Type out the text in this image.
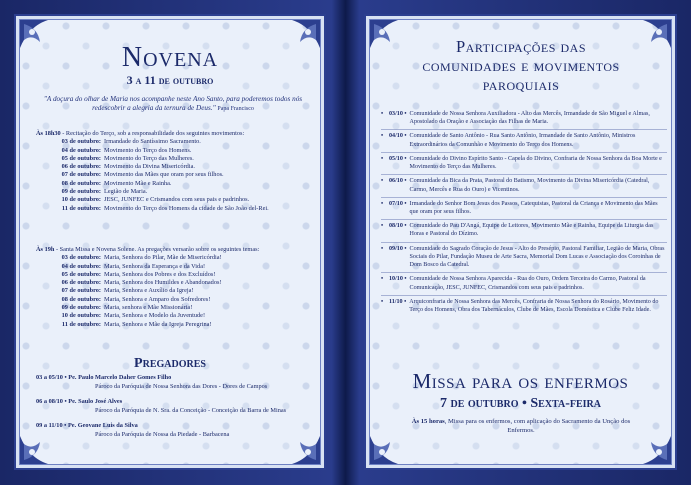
Novena
3 a 11 de outubro
"A doçura do olhar de Maria nos acompanhe neste Ano Santo, para poderemos todos nós redescobrir a alegria da ternura de Deus." Papa Francisco
Às 18h30 - Recitação do Terço, sob a responsabilidade dos seguintes movimentos:
03 de outubro: Irmandade do Santíssimo Sacramento.
04 de outubro: Movimento do Terço dos Homens.
05 de outubro: Movimento do Terço das Mulheres.
06 de outubro: Movimento da Divina Misericórdia.
07 de outubro: Movimento das Mães que oram por seus filhos.
08 de outubro: Movimento Mãe e Rainha.
09 de outubro: Legião de Maria.
10 de outubro: JESC, JUNFEC e Crismandos com seus pais e padrinhos.
11 de outubro: Movimento do Terço dos Homens da cidade de São João del-Rei.
Às 19h - Santa Missa e Novena Solene. As pregações versarão sobre os seguintes temas:
03 de outubro: Maria, Senhora do Pilar, Mãe de Misericórdia!
04 de outubro: Maria, Senhora da Esperança e da Vida!
05 de outubro: Maria, Senhora dos Pobres e dos Excluídos!
06 de outubro: Maria, Senhora dos Humildes e Abandonados!
07 de outubro: Maria, Senhora e Auxílio da Igreja!
08 de outubro: Maria, Senhora e Amparo dos Sofredores!
09 de outubro: Maria, senhora e Mãe Missionária!
10 de outubro: Maria, Senhora e Modelo da Juventude!
11 de outubro: Maria, Senhora e Mãe da Igreja Peregrina!
Pregadores
03 a 05/10 • Pe. Paulo Marcelo Daher Gomes Filho
Pároco da Paróquia de Nossa Senhora das Dores - Dores de Campos
06 a 08/10 • Pe. Saulo José Alves
Pároco da Paróquia de N. Sra. da Conceição - Conceição da Barra de Minas
09 a 11/10 • Pe. Geovane Luis da Silva
Pároco da Paróquia de Nossa da Piedade - Barbacena
Participações das
comunidades e movimentos
paroquiais
• 03/10 • Comunidade de Nossa Senhora Auxiliadora - Alto das Mercês, Irmandade de São Miguel e Almas, Apostolado da Oração e Associação das Filhas de Maria.
• 04/10 • Comunidade de Santo Antônio - Rua Santo Antônio, Irmandade de Santo Antônio, Ministros Extraordinários da Comunhão e Movimento do Terço dos Homens.
• 05/10 • Comunidade do Divino Espírito Santo - Capela do Divino, Confraria de Nossa Senhora da Boa Morte e Movimento do Terço das Mulheres.
• 06/10 • Comunidade da Bica da Prata, Pastoral do Batismo, Movimento da Divina Misericórdia (Catedral, Carmo, Mercês e Rua do Ouro) e Vicentinos.
• 07/10 • Irmandade do Senhor Bom Jesus dos Passos, Catequistas, Pastoral da Criança e Movimento das Mães que oram por seus filhos.
• 08/10 • Comunidade do Pau D'Angá, Equipe de Leitores, Movimento Mãe e Rainha, Equipe da Liturgia das Horas e Pastoral do Dízimo.
• 09/10 • Comunidade do Sagrado Coração de Jesus - Alto do Presépio, Pastoral Familiar, Legião de Maria, Obras Sociais do Pilar, Fundação Museu de Arte Sacra, Memorial Dom Lucas e Associação dos Coroinhas de Dom Bosco da Catedral.
• 10/10 • Comunidade de Nossa Senhora Aparecida - Rua do Ouro, Ordem Terceira do Carmo, Pastoral da Comunicação, JESC, JUNFEC, Crismandos com seus pais e padrinhos.
• 11/10 • Arquiconfraria de Nossa Senhora das Mercês, Confraria de Nossa Senhora do Rosário, Movimento do Terço dos Homens, Obra dos Tabernáculos, Clube de Mães, Escola Doméstica e Clube Feliz Idade.
Missa para os enfermos
7 de outubro • Sexta-feira
Às 15 horas, Missa para os enfermos, com aplicação do Sacramento da Unção dos Enfermos.
